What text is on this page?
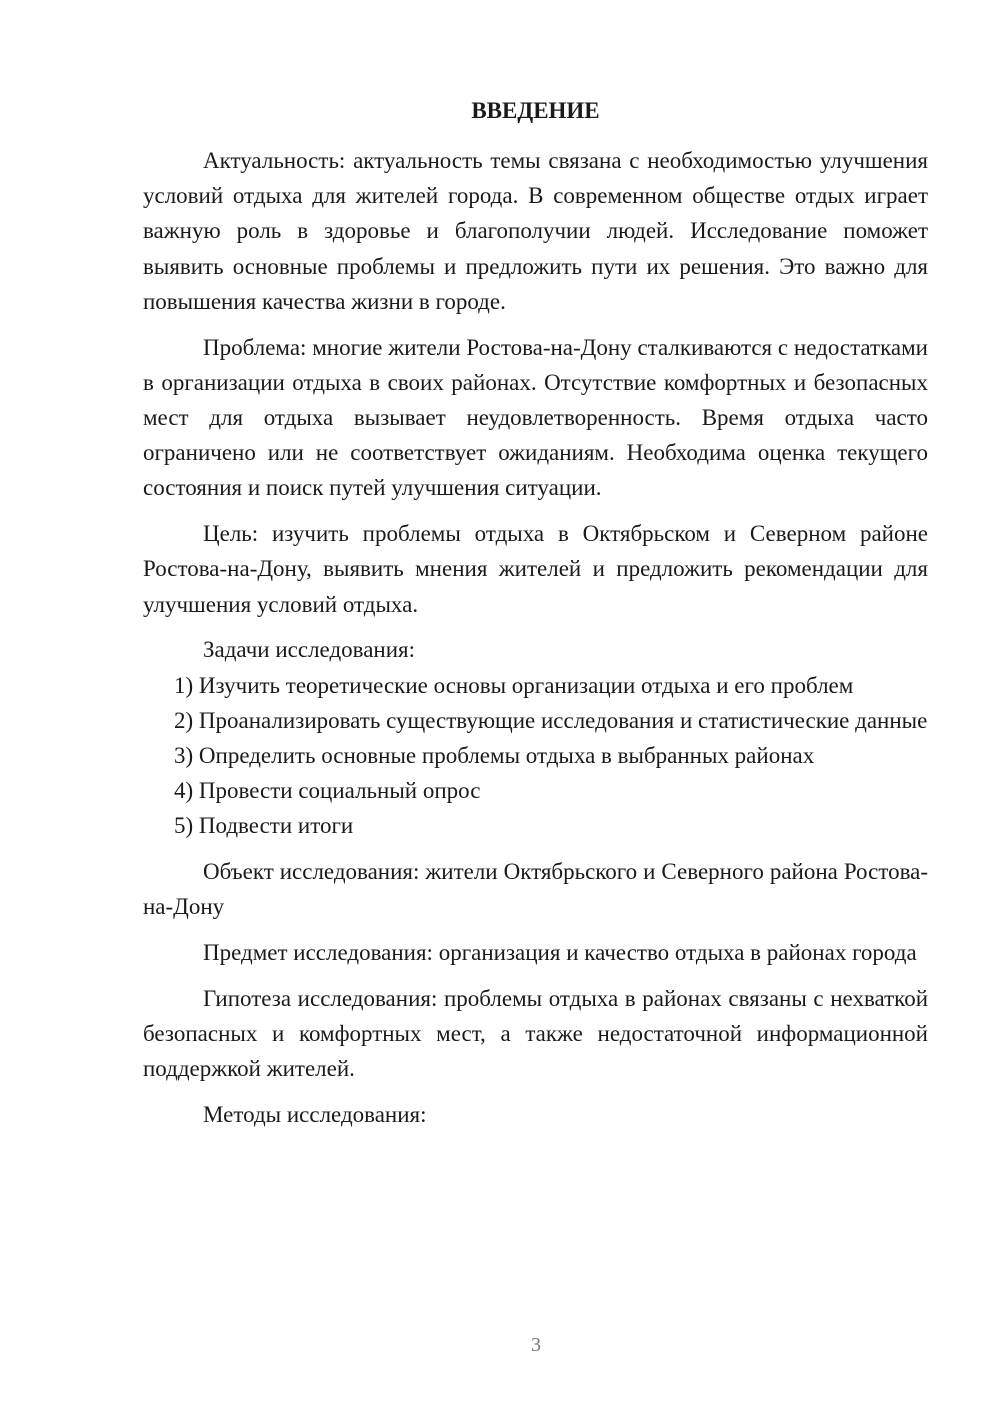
ВВЕДЕНИЕ

Актуальность: актуальность темы связана с необходимостью улучшения условий отдыха для жителей города. В современном обществе отдых играет важную роль в здоровье и благополучии людей. Исследование поможет выявить основные проблемы и предложить пути их решения. Это важно для повышения качества жизни в городе.

Проблема: многие жители Ростова-на-Дону сталкиваются с недостатками в организации отдыха в своих районах. Отсутствие комфортных и безопасных мест для отдыха вызывает неудовлетворенность. Время отдыха часто ограничено или не соответствует ожиданиям. Необходима оценка текущего состояния и поиск путей улучшения ситуации.

Цель: изучить проблемы отдыха в Октябрьском и Северном районе Ростова-на-Дону, выявить мнения жителей и предложить рекомендации для улучшения условий отдыха.

Задачи исследования:

1) Изучить теоретические основы организации отдыха и его проблем

2) Проанализировать существующие исследования и статистические данные

3) Определить основные проблемы отдыха в выбранных районах

4) Провести социальный опрос

5) Подвести итоги

Объект исследования: жители Октябрьского и Северного района Ростова-на-Дону

Предмет исследования: организация и качество отдыха в районах города

Гипотеза исследования: проблемы отдыха в районах связаны с нехваткой безопасных и комфортных мест, а также недостаточной информационной поддержкой жителей.

Методы исследования:

3
